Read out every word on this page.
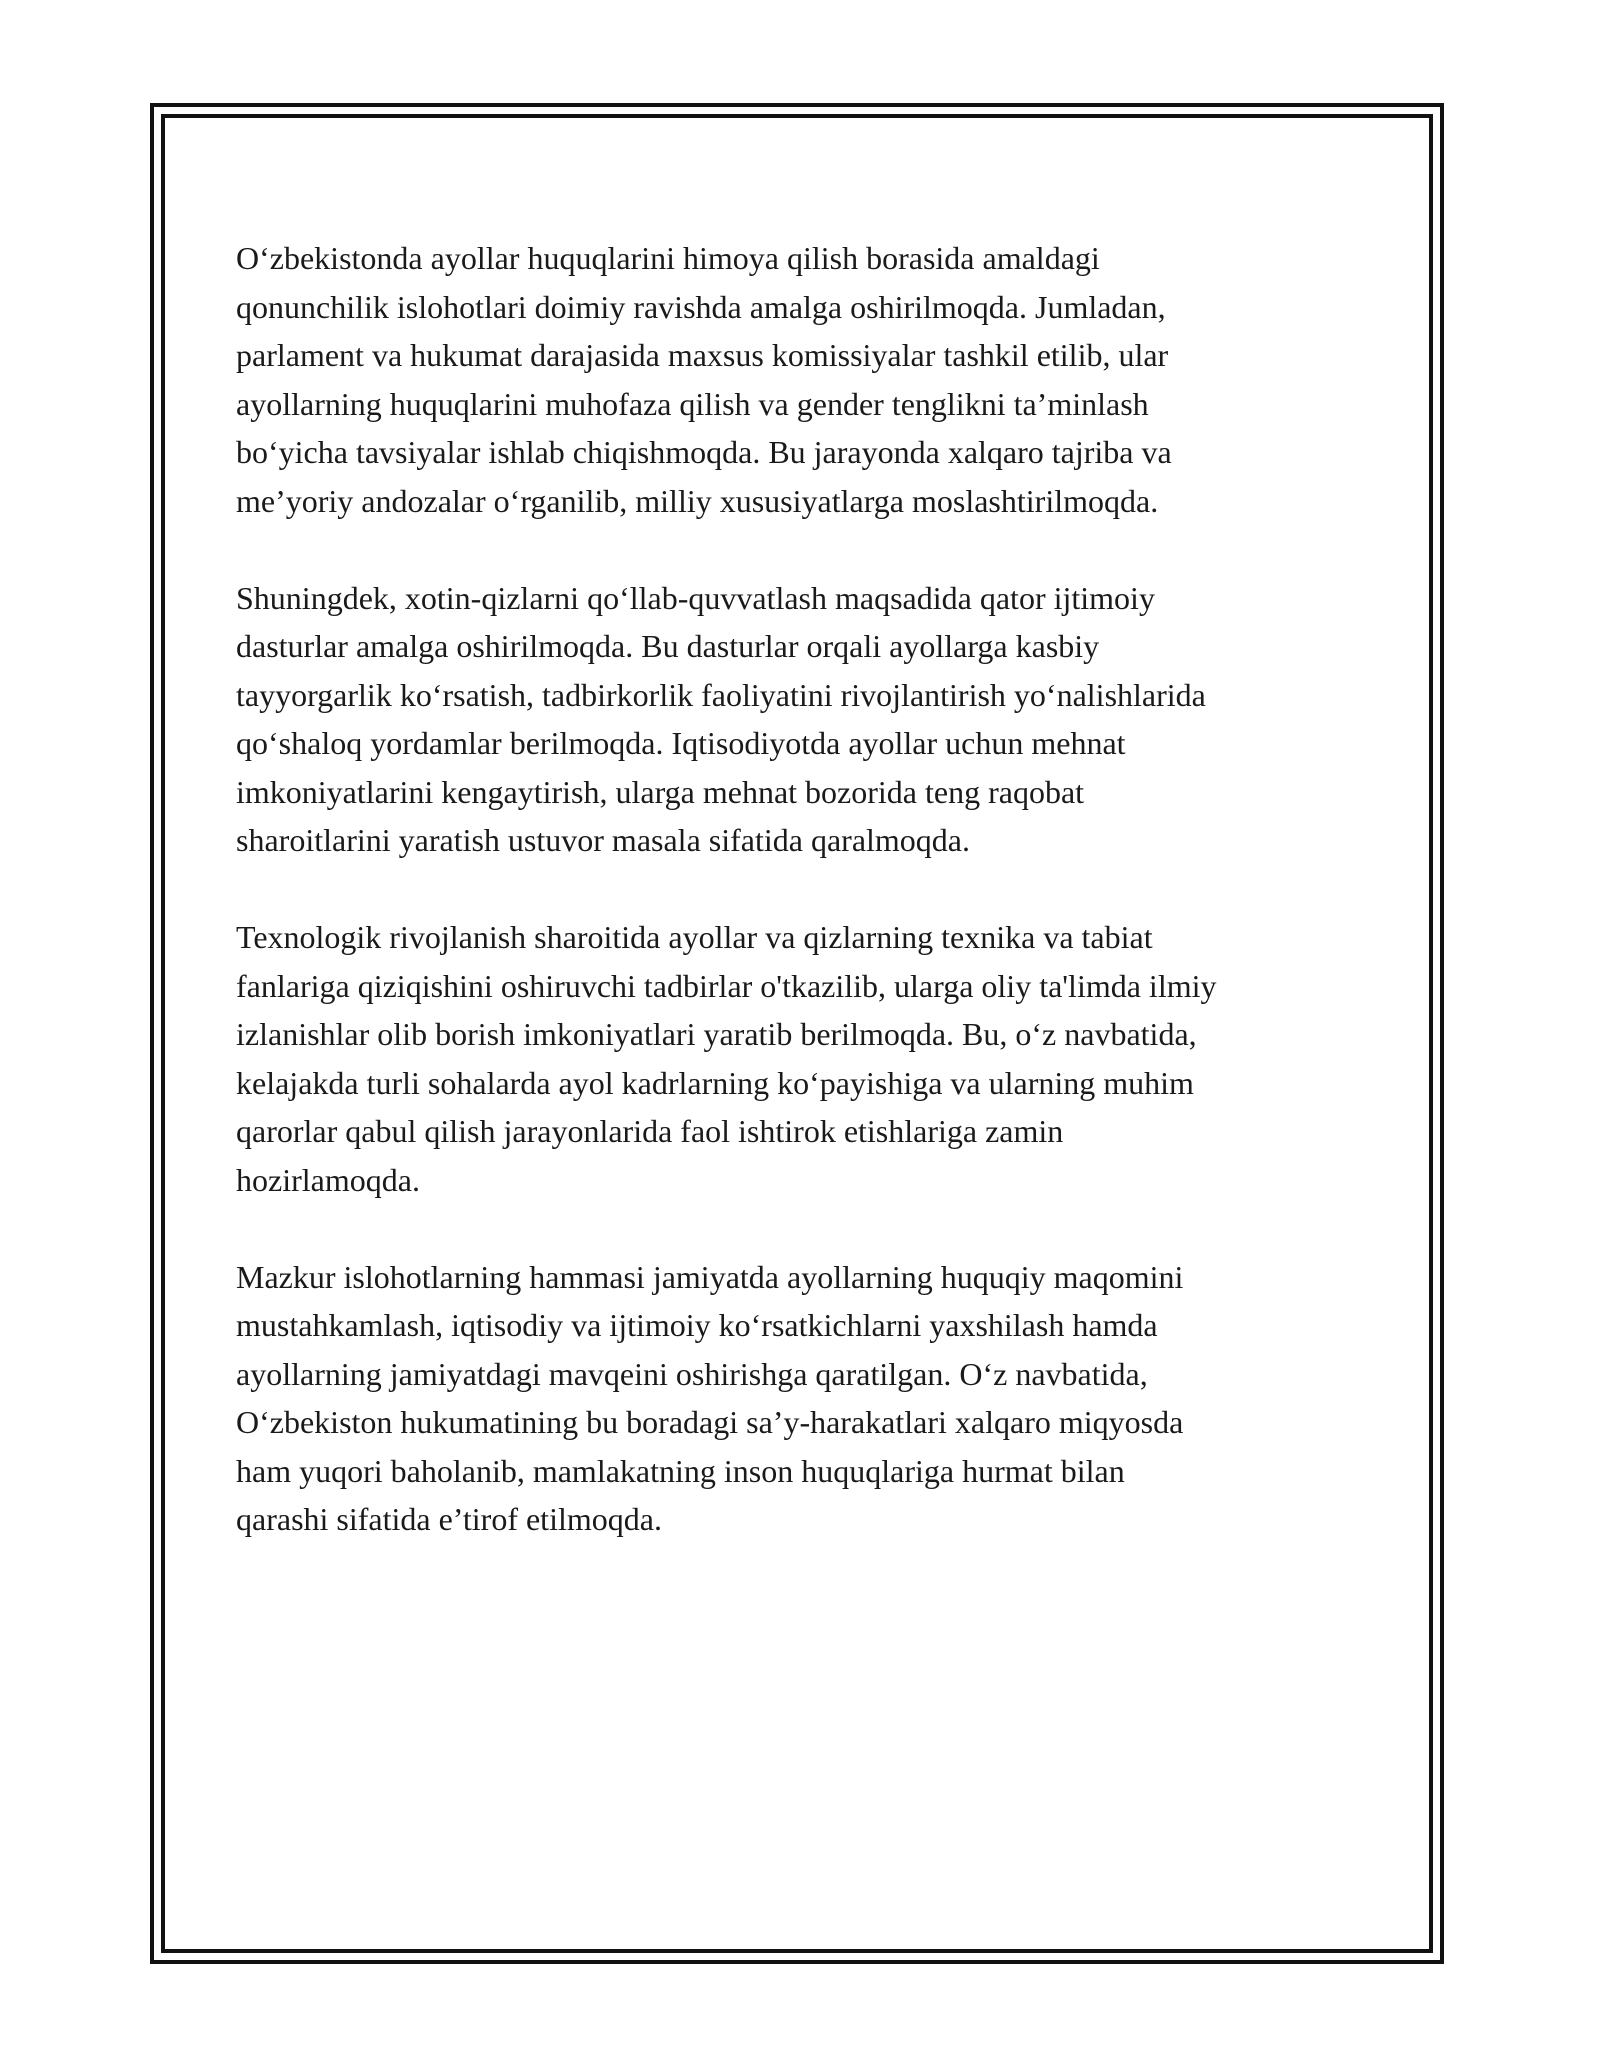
O‘zbekistonda ayollar huquqlarini himoya qilish borasida amaldagi
qonunchilik islohotlari doimiy ravishda amalga oshirilmoqda. Jumladan,
parlament va hukumat darajasida maxsus komissiyalar tashkil etilib, ular
ayollarning huquqlarini muhofaza qilish va gender tenglikni ta’minlash
bo‘yicha tavsiyalar ishlab chiqishmoqda. Bu jarayonda xalqaro tajriba va
me’yoriy andozalar o‘rganilib, milliy xususiyatlarga moslashtirilmoqda.

Shuningdek, xotin-qizlarni qo‘llab-quvvatlash maqsadida qator ijtimoiy
dasturlar amalga oshirilmoqda. Bu dasturlar orqali ayollarga kasbiy
tayyorgarlik ko‘rsatish, tadbirkorlik faoliyatini rivojlantirish yo‘nalishlarida
qo‘shaloq yordamlar berilmoqda. Iqtisodiyotda ayollar uchun mehnat
imkoniyatlarini kengaytirish, ularga mehnat bozorida teng raqobat
sharoitlarini yaratish ustuvor masala sifatida qaralmoqda.

Texnologik rivojlanish sharoitida ayollar va qizlarning texnika va tabiat
fanlariga qiziqishini oshiruvchi tadbirlar o'tkazilib, ularga oliy ta'limda ilmiy
izlanishlar olib borish imkoniyatlari yaratib berilmoqda. Bu, o‘z navbatida,
kelajakda turli sohalarda ayol kadrlarning ko‘payishiga va ularning muhim
qarorlar qabul qilish jarayonlarida faol ishtirok etishlariga zamin
hozirlamoqda.

Mazkur islohotlarning hammasi jamiyatda ayollarning huquqiy maqomini
mustahkamlash, iqtisodiy va ijtimoiy ko‘rsatkichlarni yaxshilash hamda
ayollarning jamiyatdagi mavqeini oshirishga qaratilgan. O‘z navbatida,
O‘zbekiston hukumatining bu boradagi sa’y-harakatlari xalqaro miqyosda
ham yuqori baholanib, mamlakatning inson huquqlariga hurmat bilan
qarashi sifatida e’tirof etilmoqda.
